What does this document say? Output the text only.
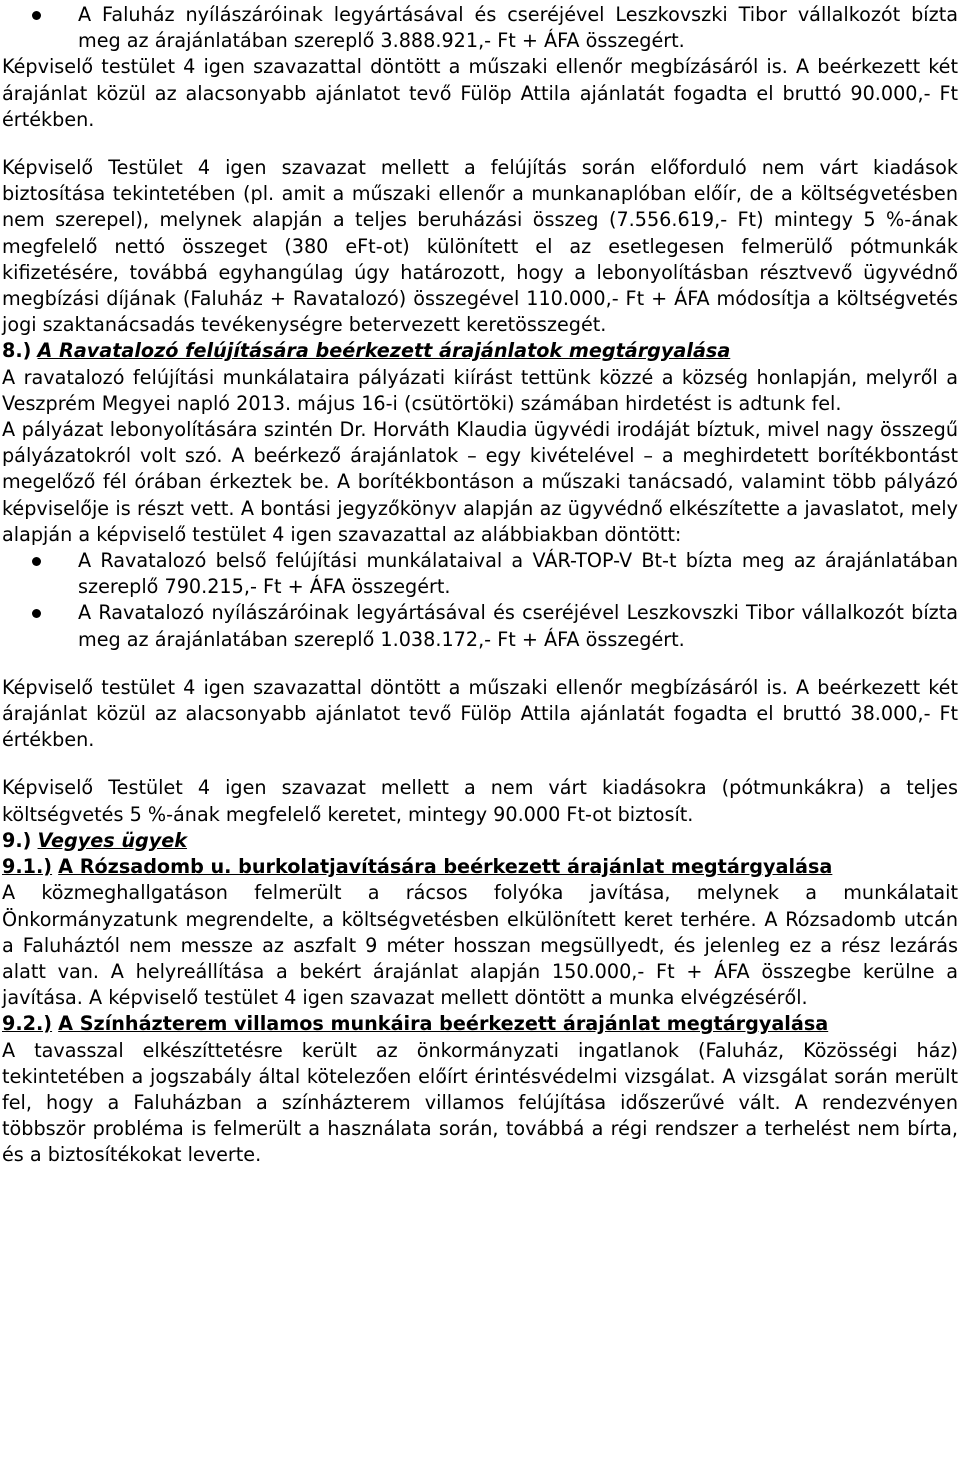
A Faluház nyílászáróinak legyártásával és cseréjével Leszkovszki Tibor vállalkozót bízta meg az árajánlatában szereplő 3.888.921,- Ft + ÁFA összegért.

Képviselő testület 4 igen szavazattal döntött a műszaki ellenőr megbízásáról is. A beérkezett két árajánlat közül az alacsonyabb ajánlatot tevő Fülöp Attila ajánlatát fogadta el bruttó 90.000,- Ft értékben.

Képviselő Testület 4 igen szavazat mellett a felújítás során előforduló nem várt kiadások biztosítása tekintetében (pl. amit a műszaki ellenőr a munkanaplóban előír, de a költségvetésben nem szerepel), melynek alapján a teljes beruházási összeg (7.556.619,- Ft) mintegy 5 %-ának megfelelő nettó összeget (380 eFt-ot) különített el az esetlegesen felmerülő pótmunkák kifizetésére, továbbá egyhangúlag úgy határozott, hogy a lebonyolításban résztvevő ügyvédnő megbízási díjának (Faluház + Ravatalozó) összegével 110.000,- Ft + ÁFA módosítja a költségvetés jogi szaktanácsadás tevékenységre betervezett keretösszegét.

8.) A Ravatalozó felújítására beérkezett árajánlatok megtárgyalása

A ravatalozó felújítási munkálataira pályázati kiírást tettünk közzé a község honlapján, melyről a Veszprém Megyei napló 2013. május 16-i (csütörtöki) számában hirdetést is adtunk fel.

A pályázat lebonyolítására szintén Dr. Horváth Klaudia ügyvédi irodáját bíztuk, mivel nagy összegű pályázatokról volt szó. A beérkező árajánlatok – egy kivételével – a meghirdetett borítékbontást megelőző fél órában érkeztek be. A borítékbontáson a műszaki tanácsadó, valamint több pályázó képviselője is részt vett. A bontási jegyzőkönyv alapján az ügyvédnő elkészítette a javaslatot, mely alapján a képviselő testület 4 igen szavazattal az alábbiakban döntött:

A Ravatalozó belső felújítási munkálataival a VÁR-TOP-V Bt-t bízta meg az árajánlatában szereplő 790.215,- Ft + ÁFA összegért.
A Ravatalozó nyílászáróinak legyártásával és cseréjével Leszkovszki Tibor vállalkozót bízta meg az árajánlatában szereplő 1.038.172,- Ft + ÁFA összegért.

Képviselő testület 4 igen szavazattal döntött a műszaki ellenőr megbízásáról is. A beérkezett két árajánlat közül az alacsonyabb ajánlatot tevő Fülöp Attila ajánlatát fogadta el bruttó 38.000,- Ft értékben.

Képviselő Testület 4 igen szavazat mellett a nem várt kiadásokra (pótmunkákra) a teljes költségvetés 5 %-ának megfelelő keretet, mintegy 90.000 Ft-ot biztosít.

9.) Vegyes ügyek

9.1.) A Rózsadomb u. burkolatjavítására beérkezett árajánlat megtárgyalása

A közmeghallgatáson felmerült a rácsos folyóka javítása, melynek a munkálatait Önkormányzatunk megrendelte, a költségvetésben elkülönített keret terhére. A Rózsadomb utcán a Faluháztól nem messze az aszfalt 9 méter hosszan megsüllyedt, és jelenleg ez a rész lezárás alatt van. A helyreállítása a bekért árajánlat alapján 150.000,- Ft + ÁFA összegbe kerülne a javítása. A képviselő testület 4 igen szavazat mellett döntött a munka elvégzéséről.

9.2.) A Színházterem villamos munkáira beérkezett árajánlat megtárgyalása

A tavasszal elkészíttetésre került az önkormányzati ingatlanok (Faluház, Közösségi ház) tekintetében a jogszabály által kötelezően előírt érintésvédelmi vizsgálat. A vizsgálat során merült fel, hogy a Faluházban a színházterem villamos felújítása időszerűvé vált. A rendezvényen többször probléma is felmerült a használata során, továbbá a régi rendszer a terhelést nem bírta, és a biztosítékokat leverte.
